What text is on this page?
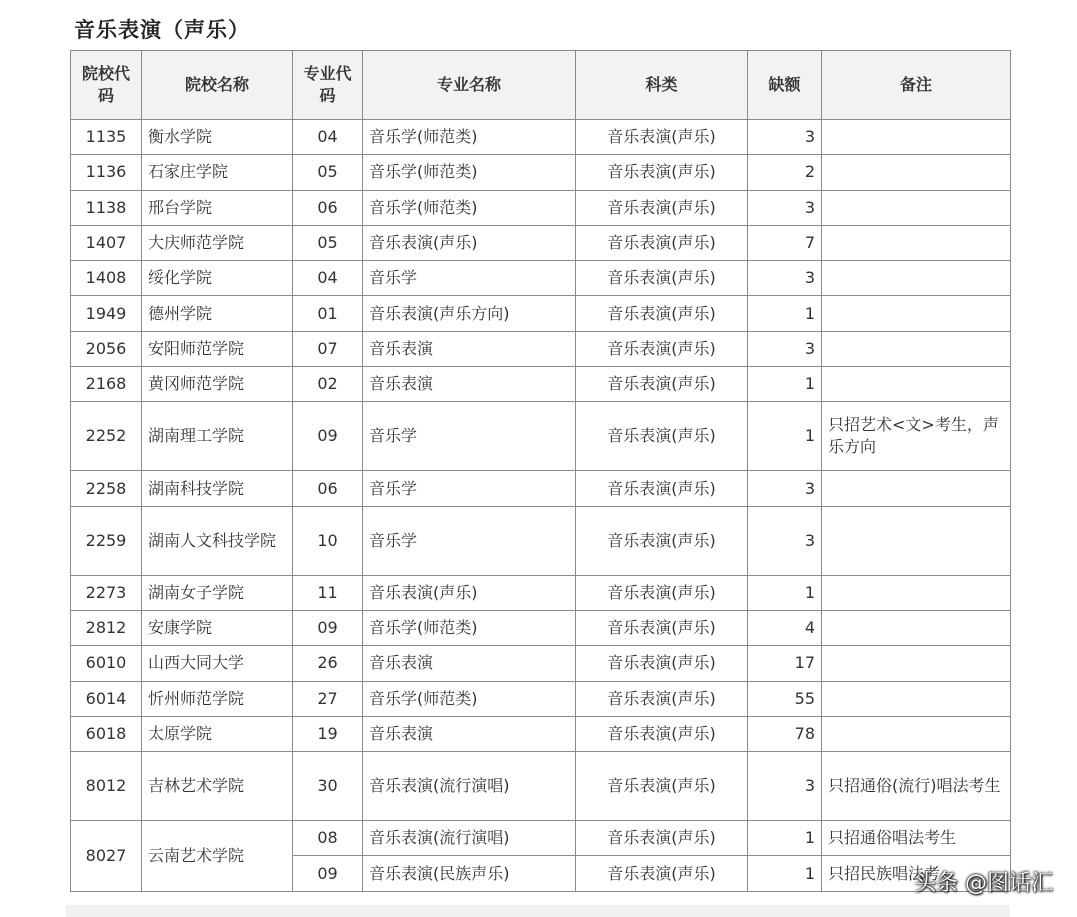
音乐表演（声乐）
院校代码	院校名称	专业代码	专业名称	科类	缺额	备注
1135	衡水学院	04	音乐学(师范类)	音乐表演(声乐)	3	
1136	石家庄学院	05	音乐学(师范类)	音乐表演(声乐)	2	
1138	邢台学院	06	音乐学(师范类)	音乐表演(声乐)	3	
1407	大庆师范学院	05	音乐表演(声乐)	音乐表演(声乐)	7	
1408	绥化学院	04	音乐学	音乐表演(声乐)	3	
1949	德州学院	01	音乐表演(声乐方向)	音乐表演(声乐)	1	
2056	安阳师范学院	07	音乐表演	音乐表演(声乐)	3	
2168	黄冈师范学院	02	音乐表演	音乐表演(声乐)	1	
2252	湖南理工学院	09	音乐学	音乐表演(声乐)	1	只招艺术<文>考生，声乐方向
2258	湖南科技学院	06	音乐学	音乐表演(声乐)	3	
2259	湖南人文科技学院	10	音乐学	音乐表演(声乐)	3	
2273	湖南女子学院	11	音乐表演(声乐)	音乐表演(声乐)	1	
2812	安康学院	09	音乐学(师范类)	音乐表演(声乐)	4	
6010	山西大同大学	26	音乐表演	音乐表演(声乐)	17	
6014	忻州师范学院	27	音乐学(师范类)	音乐表演(声乐)	55	
6018	太原学院	19	音乐表演	音乐表演(声乐)	78	
8012	吉林艺术学院	30	音乐表演(流行演唱)	音乐表演(声乐)	3	只招通俗(流行)唱法考生
8027	云南艺术学院	08	音乐表演(流行演唱)	音乐表演(声乐)	1	只招通俗唱法考生
		09	音乐表演(民族声乐)	音乐表演(声乐)	1	只招民族唱法考
头条 @图话汇
